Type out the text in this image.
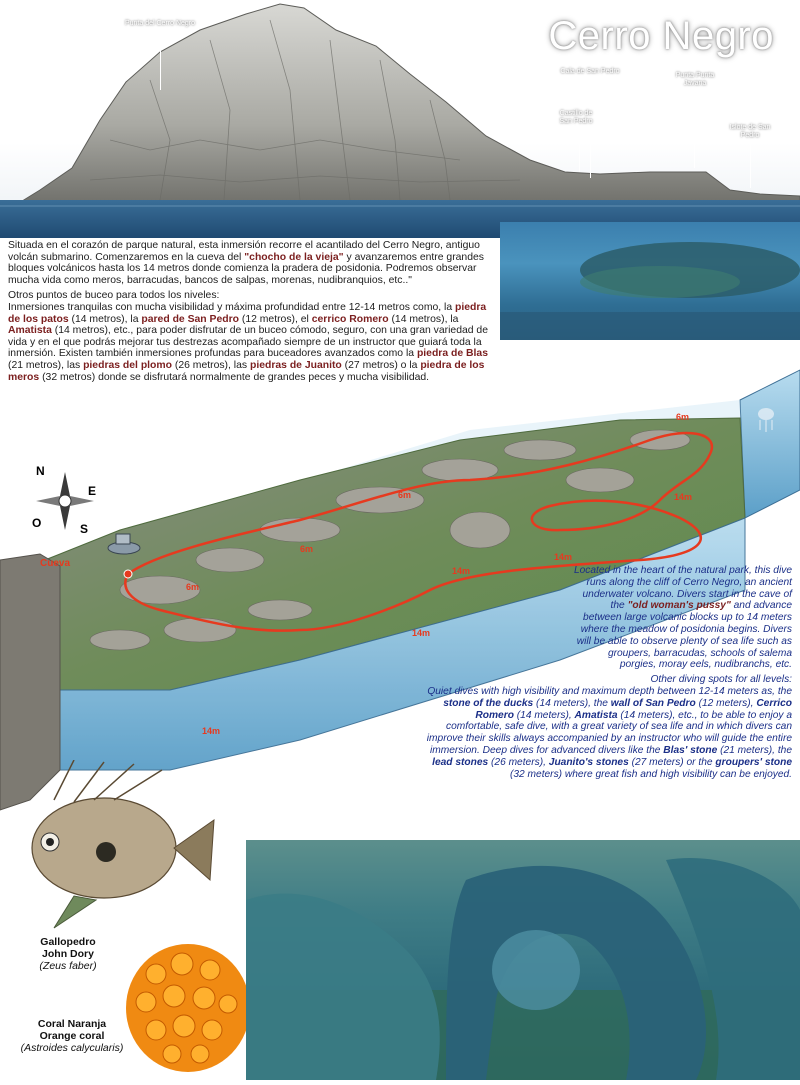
Cerro Negro
Punta del Cerro Negro
Cala de San Pedro
Castillo de San Pedro
Punta Punta Javana
Islote de San Pedro

Situada en el corazón de parque natural, esta inmersión recorre el acantilado del Cerro Negro, antiguo volcán submarino. Comenzaremos en la cueva del "chocho de la vieja" y avanzaremos entre grandes bloques volcánicos hasta los 14 metros donde comienza la pradera de posidonia. Podremos observar mucha vida como meros, barracudas, bancos de salpas, morenas, nudibranquios, etc.."

Otros puntos de buceo para todos los niveles:
Inmersiones tranquilas con mucha visibilidad y máxima profundidad entre 12-14 metros como, la piedra de los patos (14 metros), la pared de San Pedro (12 metros), el cerrico Romero (14 metros), la Amatista (14 metros), etc., para poder disfrutar de un buceo cómodo, seguro, con una gran variedad de vida y en el que podrás mejorar tus destrezas acompañado siempre de un instructor que guiará toda la inmersión. Existen también inmersiones profundas para buceadores avanzados como la piedra de Blas (21 metros), las piedras del plomo (26 metros), las piedras de Juanito (27 metros) o la piedra de los meros (32 metros) donde se disfrutará normalmente de grandes peces y mucha visibilidad.

N
E
S
O
Cueva
6m
6m
6m
6m
14m
14m
14m
14m
14m	Located in the heart of the natural park, this dive runs along the cliff of Cerro Negro, an ancient underwater volcano. Divers start in the cave of the "old woman's pussy" and advance between large volcanic blocks up to 14 meters where the meadow of posidonia begins. Divers will be able to observe plenty of sea life such as groupers, barracudas, schools of salema porgies, moray eels, nudibranchs, etc.

Other diving spots for all levels:
Quiet dives with high visibility and maximum depth between 12-14 meters as, the stone of the ducks (14 meters), the wall of San Pedro (12 meters), Cerrico Romero (14 meters), Amatista (14 meters), etc., to be able to enjoy a comfortable, safe dive, with a great variety of sea life and in which divers can improve their skills always accompanied by an instructor who will guide the entire immersion. Deep dives for advanced divers like the Blas' stone (21 meters), the lead stones (26 meters), Juanito's stones (27 meters) or the groupers' stone (32 meters) where great fish and high visibility can be enjoyed.

Gallopedro
John Dory
(Zeus faber)
Coral Naranja
Orange coral
(Astroides calycularis)
